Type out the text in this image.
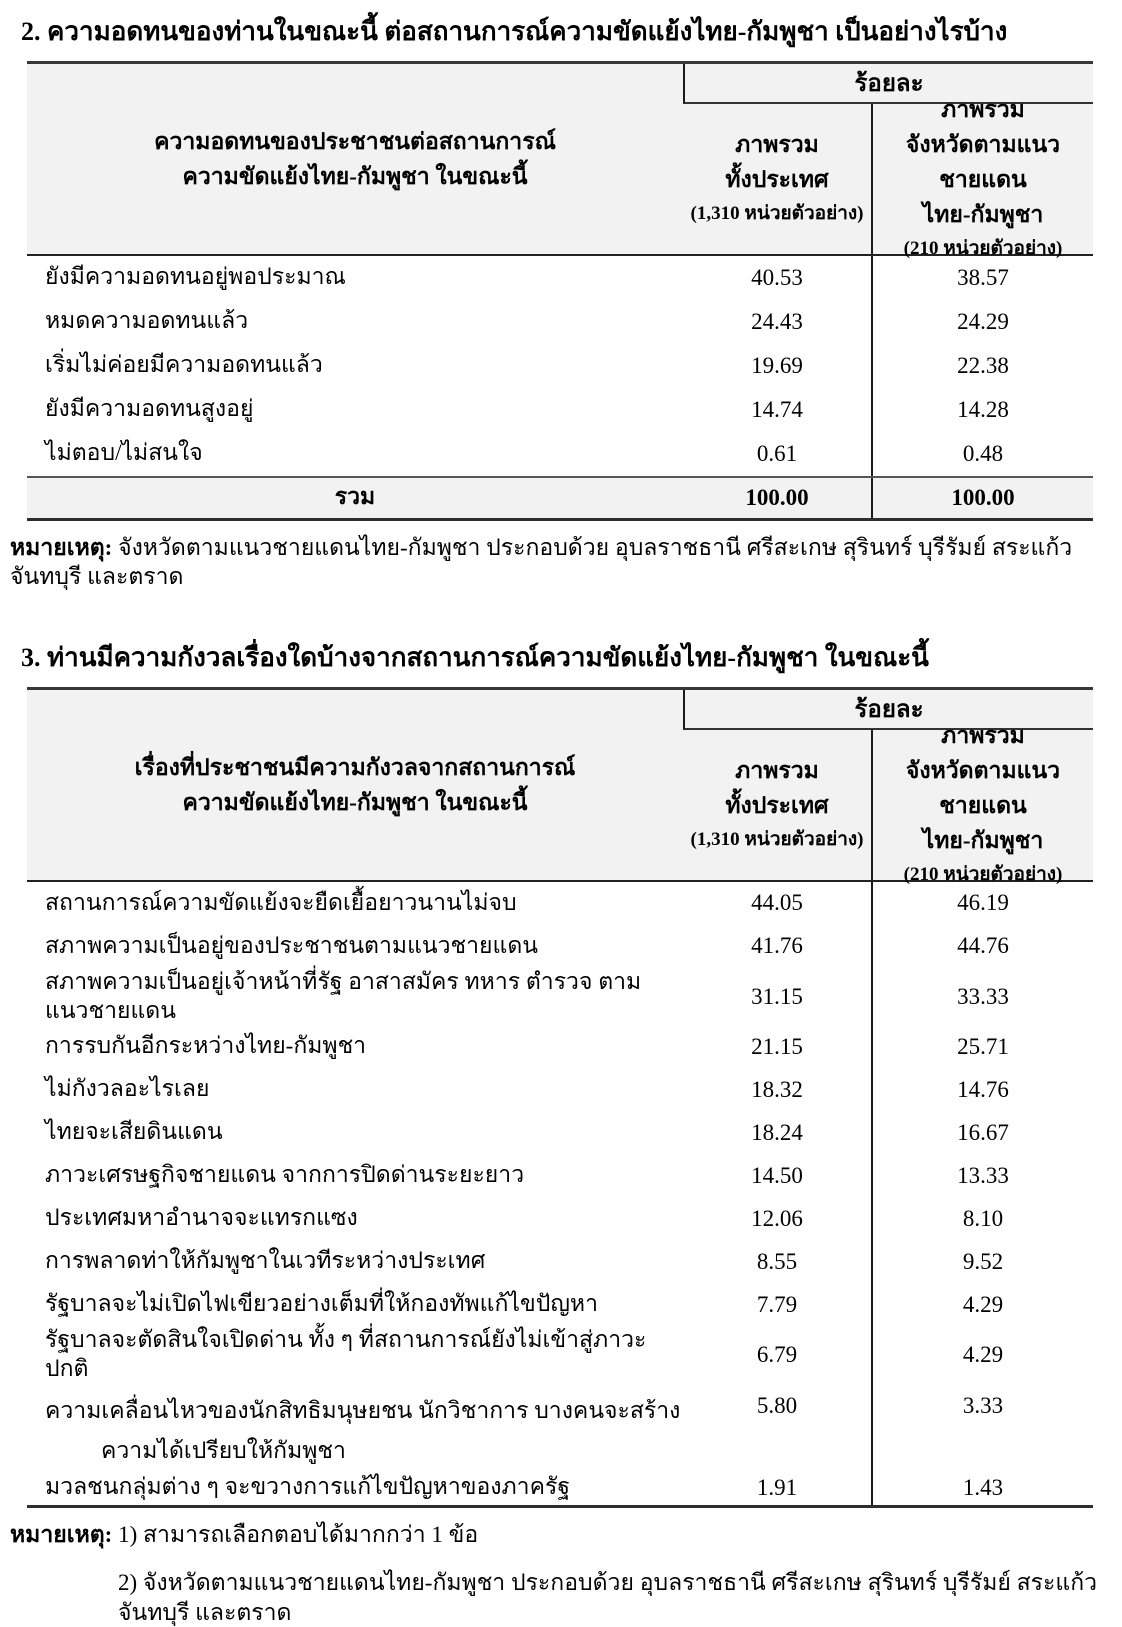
2. ความอดทนของท่านในขณะนี้ ต่อสถานการณ์ความขัดแย้งไทย-กัมพูชา เป็นอย่างไรบ้าง
ความอดทนของประชาชนต่อสถานการณ์
ความขัดแย้งไทย-กัมพูชา ในขณะนี้
ร้อยละ
ภาพรวม
ทั้งประเทศ
(1,310 หน่วยตัวอย่าง)
ภาพรวม
จังหวัดตามแนวชายแดน
ไทย-กัมพูชา
(210 หน่วยตัวอย่าง)
ยังมีความอดทนอยู่พอประมาณ	40.53	38.57
หมดความอดทนแล้ว	24.43	24.29
เริ่มไม่ค่อยมีความอดทนแล้ว	19.69	22.38
ยังมีความอดทนสูงอยู่	14.74	14.28
ไม่ตอบ/ไม่สนใจ	0.61	0.48
รวม	100.00	100.00

หมายเหตุ: จังหวัดตามแนวชายแดนไทย-กัมพูชา ประกอบด้วย อุบลราชธานี ศรีสะเกษ สุรินทร์ บุรีรัมย์ สระแก้ว จันทบุรี และตราด

3. ท่านมีความกังวลเรื่องใดบ้างจากสถานการณ์ความขัดแย้งไทย-กัมพูชา ในขณะนี้
เรื่องที่ประชาชนมีความกังวลจากสถานการณ์
ความขัดแย้งไทย-กัมพูชา ในขณะนี้
ร้อยละ
ภาพรวม
ทั้งประเทศ
(1,310 หน่วยตัวอย่าง)
ภาพรวม
จังหวัดตามแนวชายแดน
ไทย-กัมพูชา
(210 หน่วยตัวอย่าง)
สถานการณ์ความขัดแย้งจะยืดเยื้อยาวนานไม่จบ	44.05	46.19
สภาพความเป็นอยู่ของประชาชนตามแนวชายแดน	41.76	44.76
สภาพความเป็นอยู่เจ้าหน้าที่รัฐ อาสาสมัคร ทหาร ตำรวจ ตามแนวชายแดน
31.15	33.33
การรบกันอีกระหว่างไทย-กัมพูชา	21.15	25.71
ไม่กังวลอะไรเลย	18.32	14.76
ไทยจะเสียดินแดน	18.24	16.67
ภาวะเศรษฐกิจชายแดน จากการปิดด่านระยะยาว	14.50	13.33
ประเทศมหาอำนาจจะแทรกแซง	12.06	8.10
การพลาดท่าให้กัมพูชาในเวทีระหว่างประเทศ	8.55	9.52
รัฐบาลจะไม่เปิดไฟเขียวอย่างเต็มที่ให้กองทัพแก้ไขปัญหา	7.79	4.29
รัฐบาลจะตัดสินใจเปิดด่าน ทั้ง ๆ ที่สถานการณ์ยังไม่เข้าสู่ภาวะปกติ
6.79	4.29
ความเคลื่อนไหวของนักสิทธิมนุษยชน นักวิชาการ บางคนจะสร้าง
ความได้เปรียบให้กัมพูชา
5.80	3.33
มวลชนกลุ่มต่าง ๆ จะขวางการแก้ไขปัญหาของภาครัฐ	1.91	1.43

หมายเหตุ: 1) สามารถเลือกตอบได้มากกว่า 1 ข้อ

2) จังหวัดตามแนวชายแดนไทย-กัมพูชา ประกอบด้วย อุบลราชธานี ศรีสะเกษ สุรินทร์ บุรีรัมย์ สระแก้ว จันทบุรี และตราด
